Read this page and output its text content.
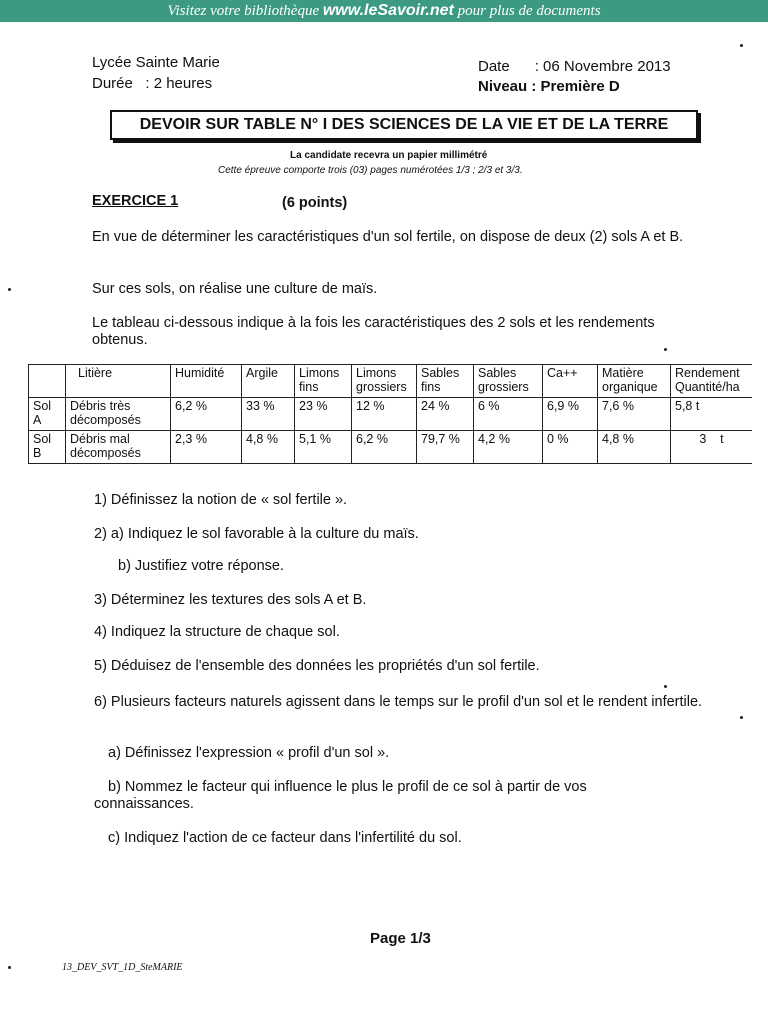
Visitez votre bibliothèque www.leSavoir.net pour plus de documents
Lycée Sainte Marie
Durée   : 2 heures
Date      : 06 Novembre 2013
Niveau : Première D
DEVOIR SUR TABLE N° I DES SCIENCES DE LA VIE ET DE LA TERRE
La candidate recevra un papier millimétré
Cette épreuve comporte trois (03) pages numérotées 1/3 ; 2/3 et 3/3.
EXERCICE 1	(6 points)
En vue de déterminer les caractéristiques d'un sol fertile, on dispose de deux (2) sols A et B.
Sur ces sols, on réalise une culture de maïs.
Le tableau ci-dessous indique à la fois les caractéristiques des 2 sols et les rendements obtenus.
	Litière	Humidité	Argile	Limons fins	Limons grossiers	Sables fins	Sables grossiers	Ca++	Matière organique	Rendement Quantité/ha
Sol A	Débris très décomposés	6,2 %	33 %	23 %	12 %	24 %	6 %	6,9 %	7,6 %	5,8 t
Sol B	Débris mal décomposés	2,3 %	4,8 %	5,1 %	6,2 %	79,7 %	4,2 %	0 %	4,8 %	3    t
1) Définissez la notion de « sol fertile ».
2) a) Indiquez le sol favorable à la culture du maïs.
b) Justifiez votre réponse.
3) Déterminez les textures des sols A et B.
4) Indiquez la structure de chaque sol.
5) Déduisez de l'ensemble des données les propriétés d'un sol fertile.
6) Plusieurs facteurs naturels agissent dans le temps sur le profil d'un sol et le rendent infertile.
a) Définissez l'expression « profil d'un sol ».
b) Nommez le facteur qui influence le plus le profil de ce sol à partir de vos connaissances.
c) Indiquez l'action de ce facteur dans l'infertilité du sol.
Page 1/3
13_DEV_SVT_1D_SteMARIE
